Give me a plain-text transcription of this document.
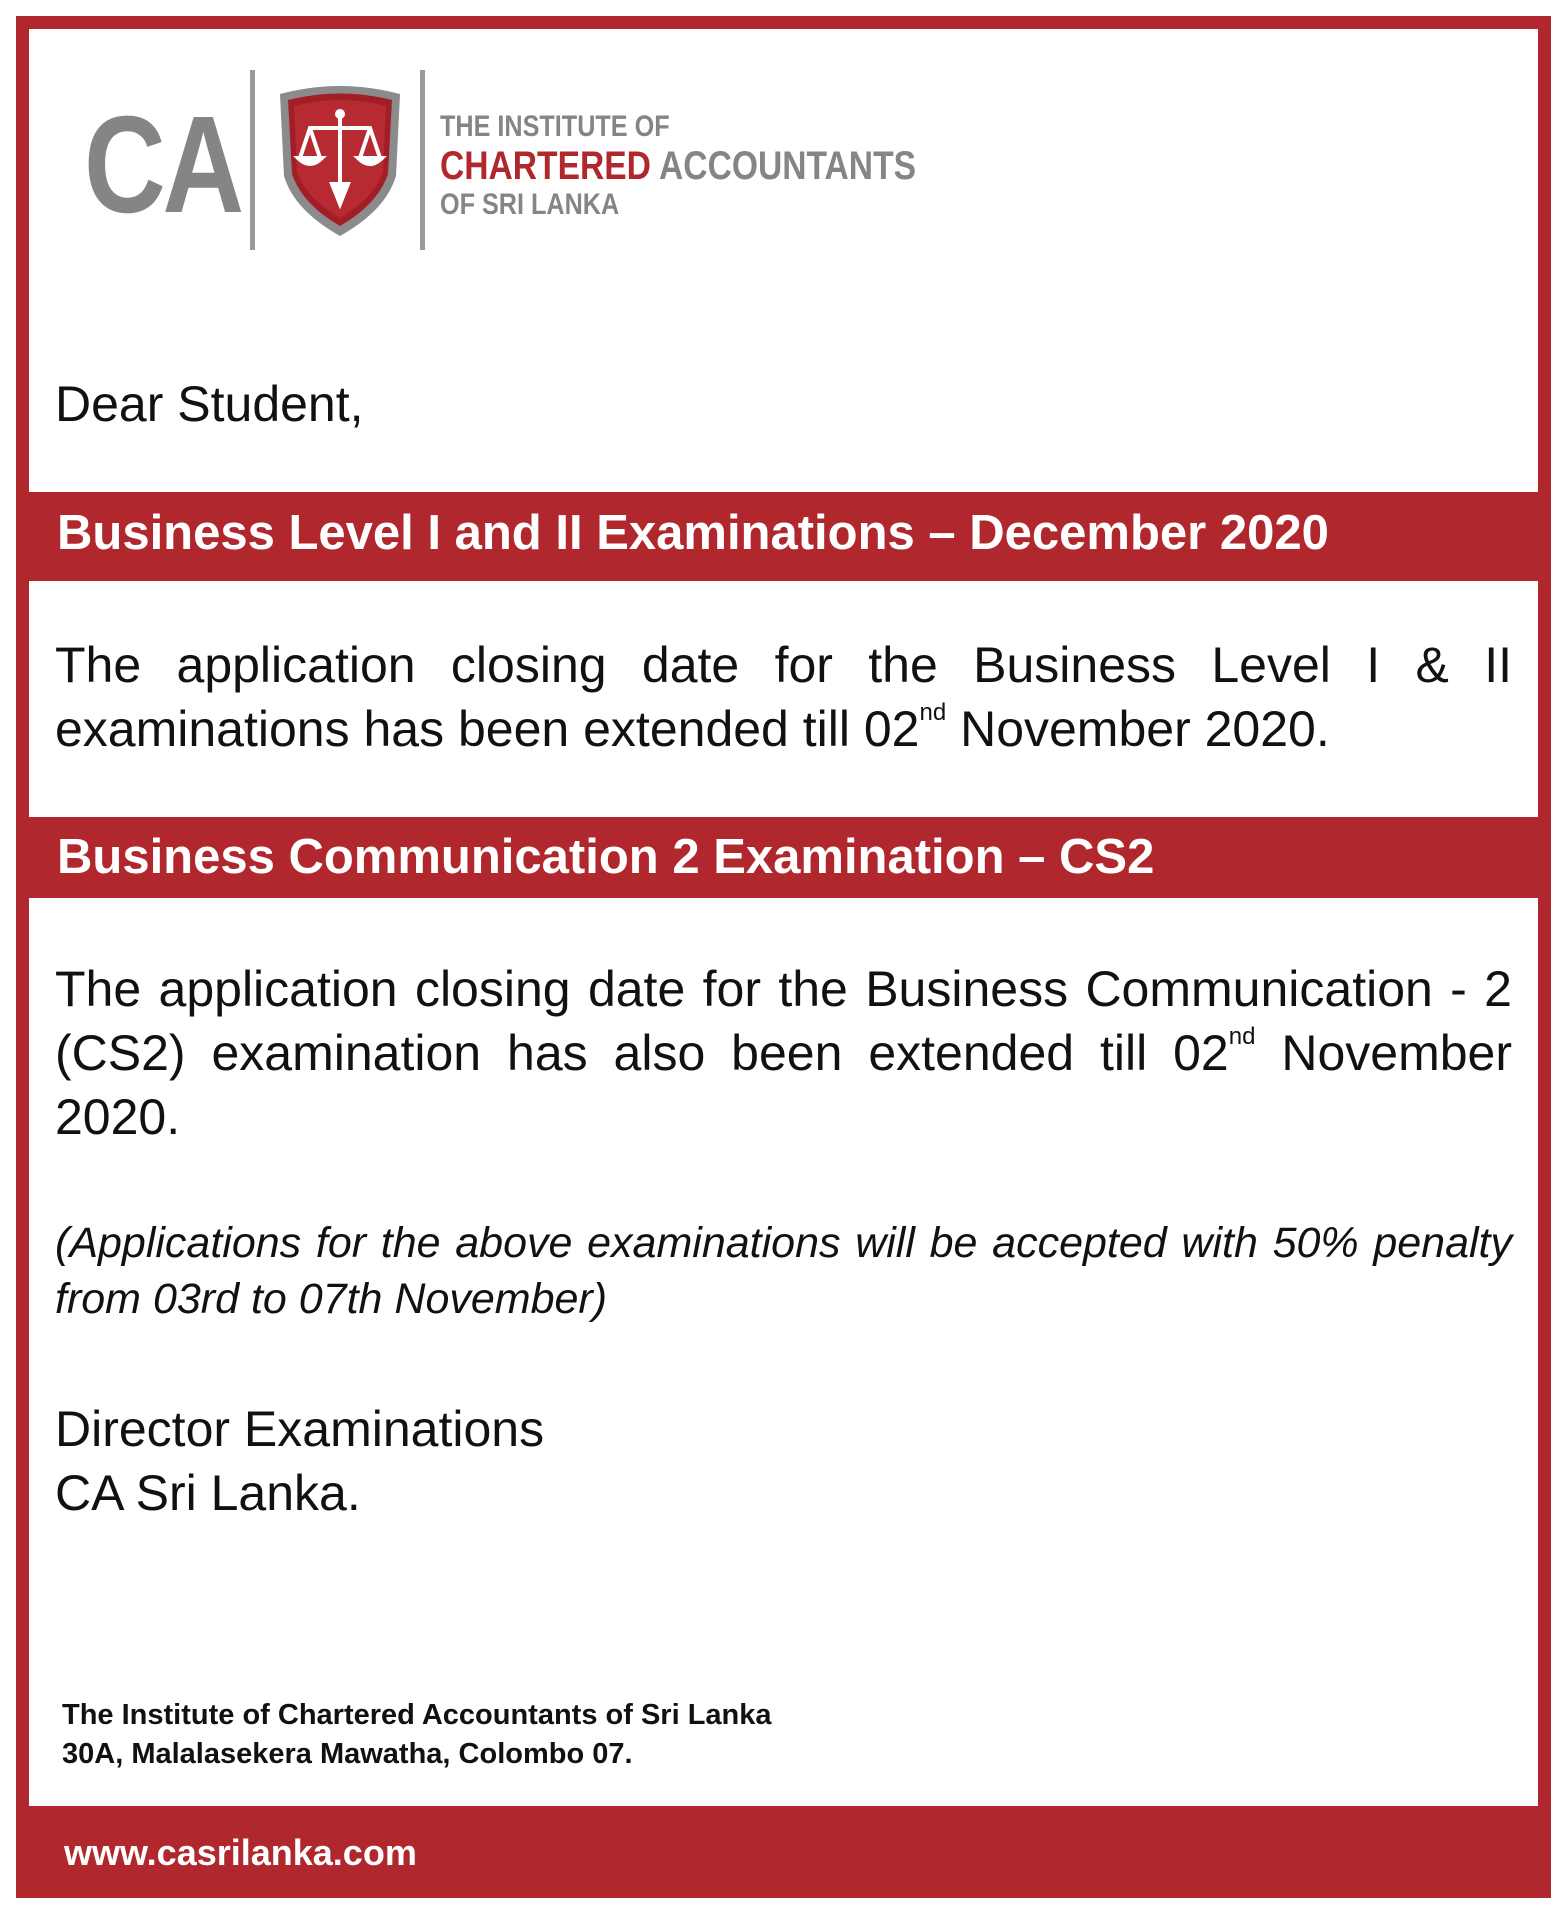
CA	THE INSTITUTE OF
CHARTERED ACCOUNTANTS
OF SRI LANKA
Dear Student,
Business Level I and II Examinations – December 2020
The application closing date for the Business Level I & II examinations has been extended till 02nd November 2020.
Business Communication 2 Examination – CS2
The application closing date for the Business Communication - 2 (CS2) examination has also been extended till 02nd November 2020.
(Applications for the above examinations will be accepted with 50% penalty from 03rd to 07th November)
Director Examinations
CA Sri Lanka.
The Institute of Chartered Accountants of Sri Lanka
30A, Malalasekera Mawatha, Colombo 07.
www.casrilanka.com
